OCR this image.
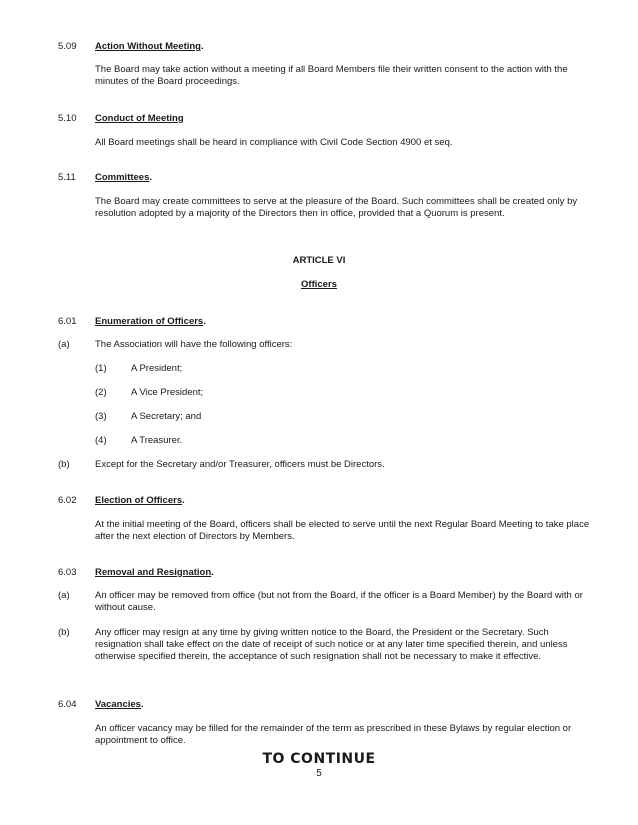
5.09 Action Without Meeting.
The Board may take action without a meeting if all Board Members file their written consent to the action with the minutes of the Board proceedings.
5.10 Conduct of Meeting
All Board meetings shall be heard in compliance with Civil Code Section 4900 et seq.
5.11 Committees.
The Board may create committees to serve at the pleasure of the Board. Such committees shall be created only by resolution adopted by a majority of the Directors then in office, provided that a Quorum is present.
ARTICLE VI
Officers
6.01 Enumeration of Officers.
(a)	The Association will have the following officers:
(1)	A President;
(2)	A Vice President;
(3)	A Secretary; and
(4)	A Treasurer.
(b)	Except for the Secretary and/or Treasurer, officers must be Directors.
6.02 Election of Officers.
At the initial meeting of the Board, officers shall be elected to serve until the next Regular Board Meeting to take place after the next election of Directors by Members.
6.03 Removal and Resignation.
(a)	An officer may be removed from office (but not from the Board, if the officer is a Board Member) by the Board with or without cause.
(b)	Any officer may resign at any time by giving written notice to the Board, the President or the Secretary. Such resignation shall take effect on the date of receipt of such notice or at any later time specified therein, and unless otherwise specified therein, the acceptance of such resignation shall not be necessary to make it effective.
6.04 Vacancies.
An officer vacancy may be filled for the remainder of the term as prescribed in these Bylaws by regular election or appointment to office.
TO CONTINUE
5
